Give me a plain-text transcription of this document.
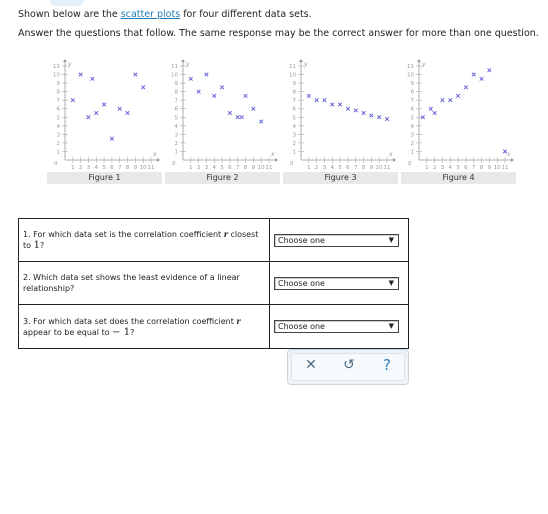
Shown below are the scatter plots for four different data sets.
Answer the questions that follow. The same response may be the correct answer for more than one question.
x
y
0
1 2 3 4 5 6 7 8 9 10 11
1
2
3
4
5
6
7
8
9
10
11
Figure 1
x
y
0
1 2 3 4 5 6 7 8 9 10 11
1
2
3
4
5
6
7
8
9
10
11
Figure 2
x
y
0
1 2 3 4 5 6 7 8 9 10 11
1
2
3
4
5
6
7
8
9
10
11
Figure 3
x
y
0
1 2 3 4 5 6 7 8 9 10 11
1
2
3
4
5
6
7
8
9
10
11
Figure 4
1. For which data set is the correlation coefficient r closest
to 1?	Choose one ▼

2. Which data set shows the least evidence of a linear relationship?	Choose one ▼

3. For which data set does the correlation coefficient r
appear to be equal to − 1?	Choose one ▼
✕ ↺	?
